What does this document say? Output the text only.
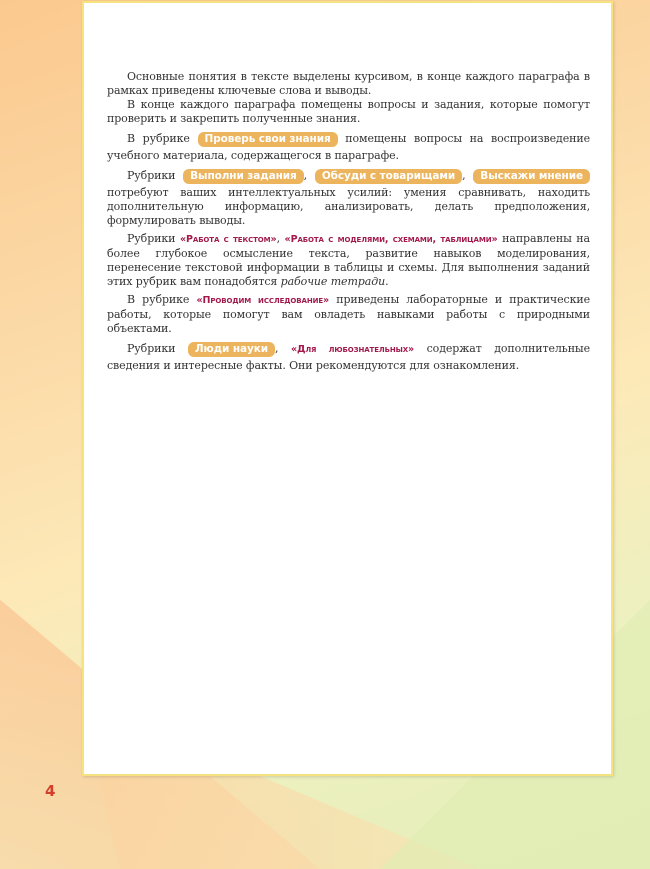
Основные понятия в тексте выделены курсивом, в конце каждого параграфа в рамках приведены ключевые слова и выводы.

В конце каждого параграфа помещены вопросы и задания, которые помогут проверить и закрепить полученные знания.

В рубрике Проверь свои знания помещены вопросы на воспроизведение учебного материала, содержащегося в параграфе.

Рубрики Выполни задания , Обсуди с товарищами , Выскажи мнение потребуют ваших интеллектуальных усилий: умения сравнивать, находить дополнительную информацию, анализировать, делать предположения, формулировать выводы.

Рубрики «Работа с текстом», «Работа с моделями, схемами, таблицами» направлены на более глубокое осмысление текста, развитие навыков моделирования, перенесение текстовой информации в таблицы и схемы. Для выполнения заданий этих рубрик вам понадобятся рабочие тетради.

В рубрике «Проводим исследование» приведены лабораторные и практические работы, которые помогут вам овладеть навыками работы с природными объектами.

Рубрики Люди науки , «Для любознательных» содержат дополнительные сведения и интересные факты. Они рекомендуются для ознакомления.

4
